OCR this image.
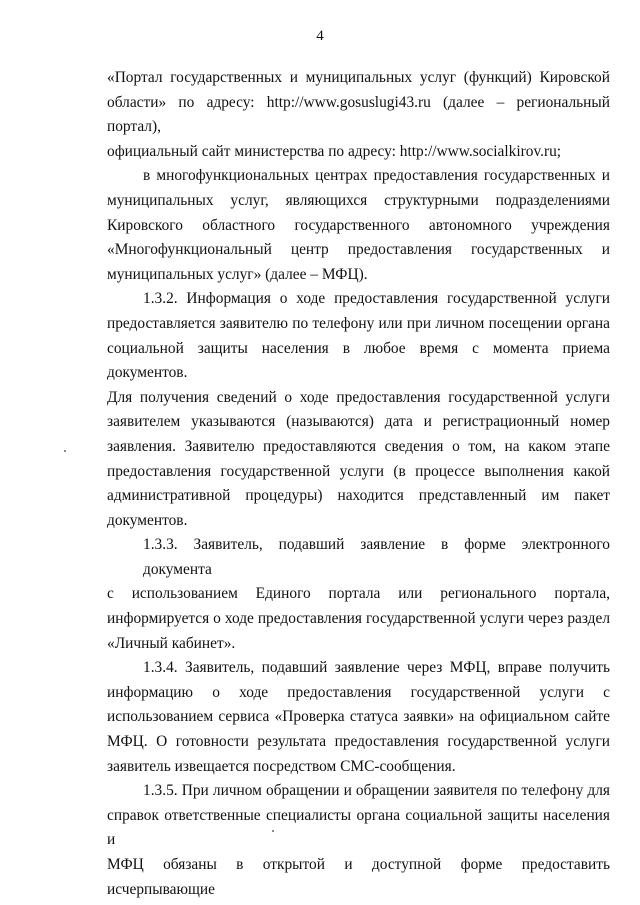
4
«Портал государственных и муниципальных услуг (функций) Кировской
области» по адресу: http://www.gosuslugi43.ru (далее – региональный портал),
официальный сайт министерства по адресу: http://www.socialkirov.ru;
в многофункциональных центрах предоставления государственных и
муниципальных услуг, являющихся структурными подразделениями
Кировского областного государственного автономного учреждения
«Многофункциональный центр предоставления государственных и
муниципальных услуг» (далее – МФЦ).
1.3.2. Информация о ходе предоставления государственной услуги
предоставляется заявителю по телефону или при личном посещении органа
социальной защиты населения в любое время с момента приема документов.
Для получения сведений о ходе предоставления государственной услуги
заявителем указываются (называются) дата и регистрационный номер
заявления. Заявителю предоставляются сведения о том, на каком этапе
предоставления государственной услуги (в процессе выполнения какой
административной процедуры) находится представленный им пакет
документов.
1.3.3. Заявитель, подавший заявление в форме электронного документа
с использованием Единого портала или регионального портала,
информируется о ходе предоставления государственной услуги через раздел
«Личный кабинет».
1.3.4. Заявитель, подавший заявление через МФЦ, вправе получить
информацию о ходе предоставления государственной услуги с
использованием сервиса «Проверка статуса заявки» на официальном сайте
МФЦ. О готовности результата предоставления государственной услуги
заявитель извещается посредством СМС-сообщения.
1.3.5. При личном обращении и обращении заявителя по телефону для
справок ответственные специалисты органа социальной защиты населения и
МФЦ обязаны в открытой и доступной форме предоставить исчерпывающие
